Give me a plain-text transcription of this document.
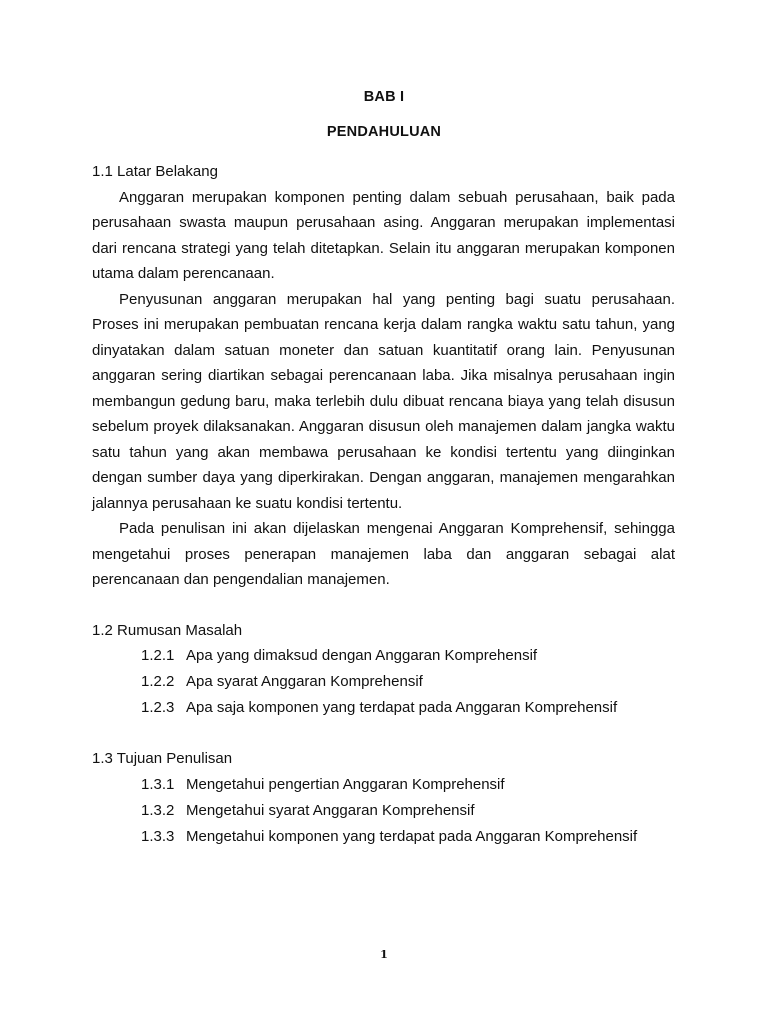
BAB I
PENDAHULUAN

1.1 Latar Belakang

Anggaran merupakan komponen penting dalam sebuah perusahaan, baik pada perusahaan swasta maupun perusahaan asing. Anggaran merupakan implementasi dari rencana strategi yang telah ditetapkan. Selain itu anggaran merupakan komponen utama dalam perencanaan.

Penyusunan anggaran merupakan hal yang penting bagi suatu perusahaan. Proses ini merupakan pembuatan rencana kerja dalam rangka waktu satu tahun, yang dinyatakan dalam satuan moneter dan satuan kuantitatif orang lain. Penyusunan anggaran sering diartikan sebagai perencanaan laba. Jika misalnya perusahaan ingin membangun gedung baru, maka terlebih dulu dibuat rencana biaya yang telah disusun sebelum proyek dilaksanakan. Anggaran disusun oleh manajemen dalam jangka waktu satu tahun yang akan membawa perusahaan ke kondisi tertentu yang diinginkan dengan sumber daya yang diperkirakan. Dengan anggaran, manajemen mengarahkan jalannya perusahaan ke suatu kondisi tertentu.

Pada penulisan ini akan dijelaskan mengenai Anggaran Komprehensif, sehingga mengetahui proses penerapan manajemen laba dan anggaran sebagai alat perencanaan dan pengendalian manajemen.

1.2 Rumusan Masalah

1.2.1 Apa yang dimaksud dengan Anggaran Komprehensif
1.2.2 Apa syarat Anggaran Komprehensif
1.2.3 Apa saja komponen yang terdapat pada Anggaran Komprehensif

1.3 Tujuan Penulisan

1.3.1 Mengetahui pengertian Anggaran Komprehensif
1.3.2 Mengetahui syarat Anggaran Komprehensif
1.3.3 Mengetahui komponen yang terdapat pada Anggaran Komprehensif
1
